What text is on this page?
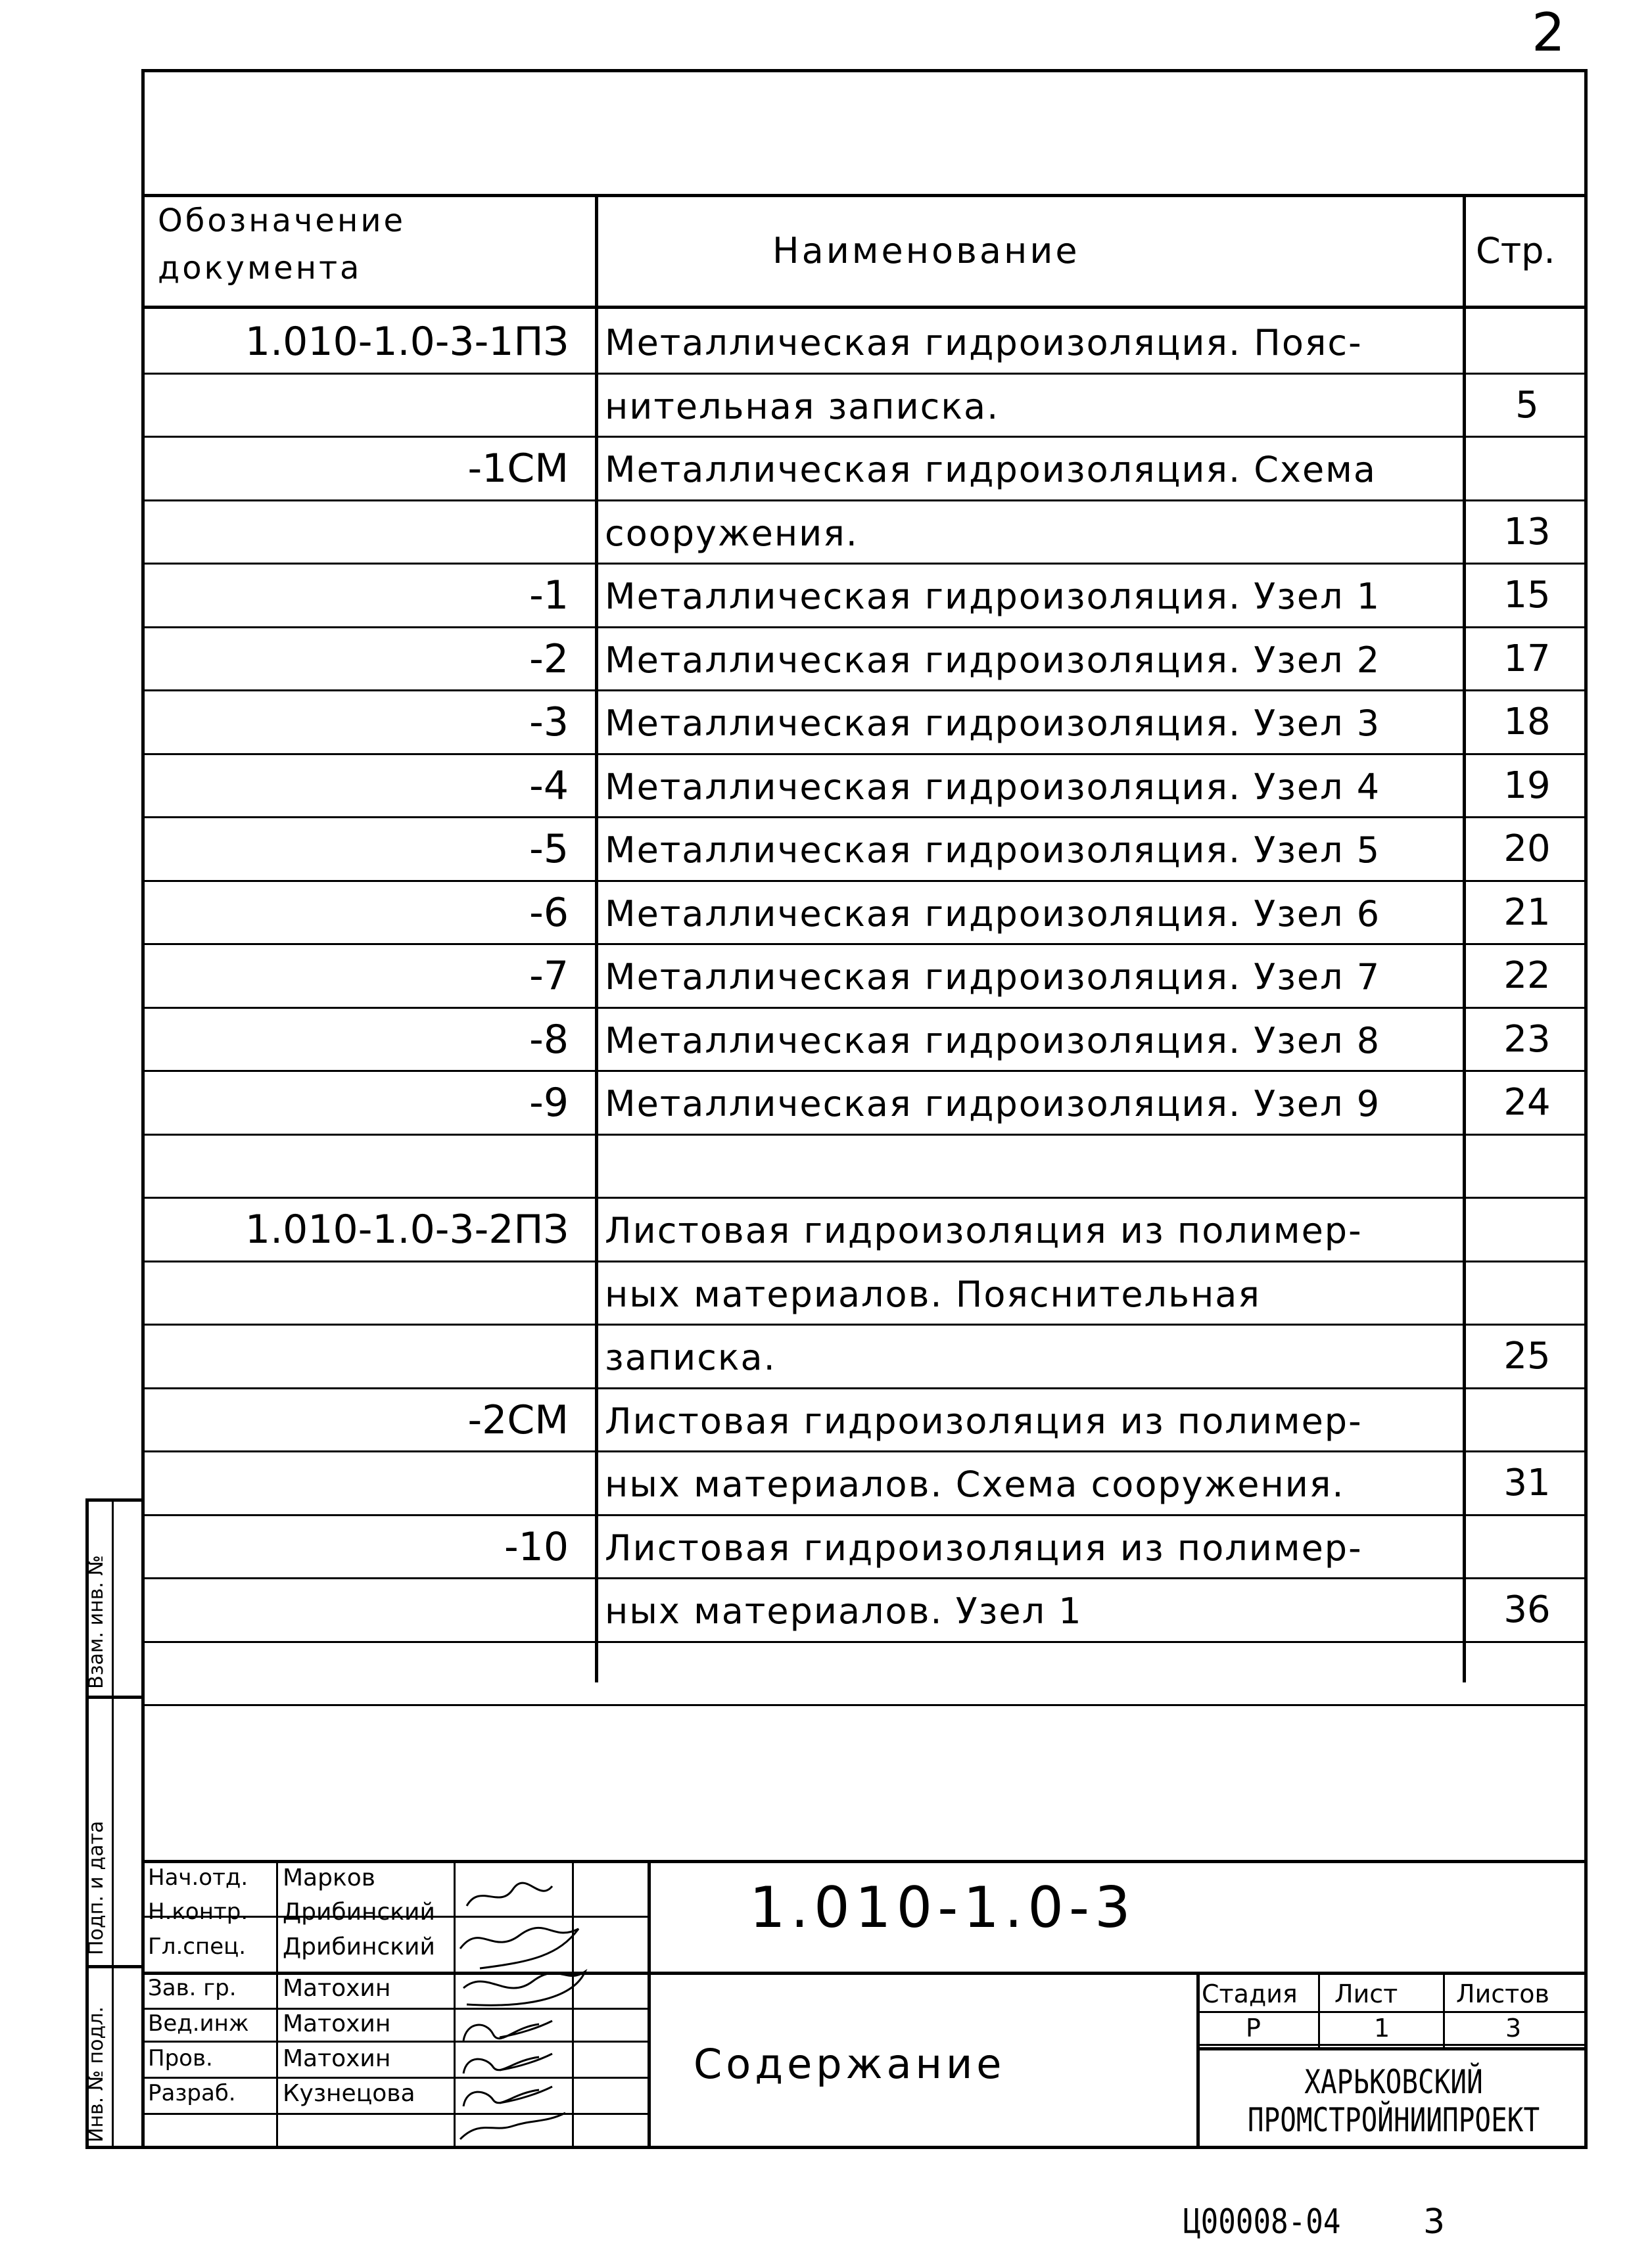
2
Взам. инв. №
Подп. и дата
Инв. № подл.
Обозначение
документа	Наименование	Стр.
1.010-1.0-3-1ПЗ Металлическая гидроизоляция. Пояс-
нительная записка.	5
-1СМ Металлическая гидроизоляция. Схема
сооружения.	13
-1 Металлическая гидроизоляция. Узел 1	15
-2 Металлическая гидроизоляция. Узел 2	17
-3 Металлическая гидроизоляция. Узел 3	18
-4 Металлическая гидроизоляция. Узел 4	19
-5 Металлическая гидроизоляция. Узел 5	20
-6 Металлическая гидроизоляция. Узел 6	21
-7 Металлическая гидроизоляция. Узел 7	22
-8 Металлическая гидроизоляция. Узел 8	23
-9 Металлическая гидроизоляция. Узел 9	24
1.010-1.0-3-2ПЗ Листовая гидроизоляция из полимер-
ных материалов. Пояснительная
записка.	25
-2СМ Листовая гидроизоляция из полимер-
ных материалов. Схема сооружения.	31
-10 Листовая гидроизоляция из полимер-
ных материалов. Узел 1	36
Нач.отд. Марков
Н.контр. Дрибинский
Гл.спец. Дрибинский
Зав. гр. Матохин
Вед.инж Матохин
Пров.	Матохин
Разраб. Кузнецова
1.010-1.0-3
Содержание
Стадия Лист Листов
Р	1	3
ХАРЬКОВСКИЙ
ПРОМСТРОЙНИИПРОЕКТ
Ц00008-04 3
